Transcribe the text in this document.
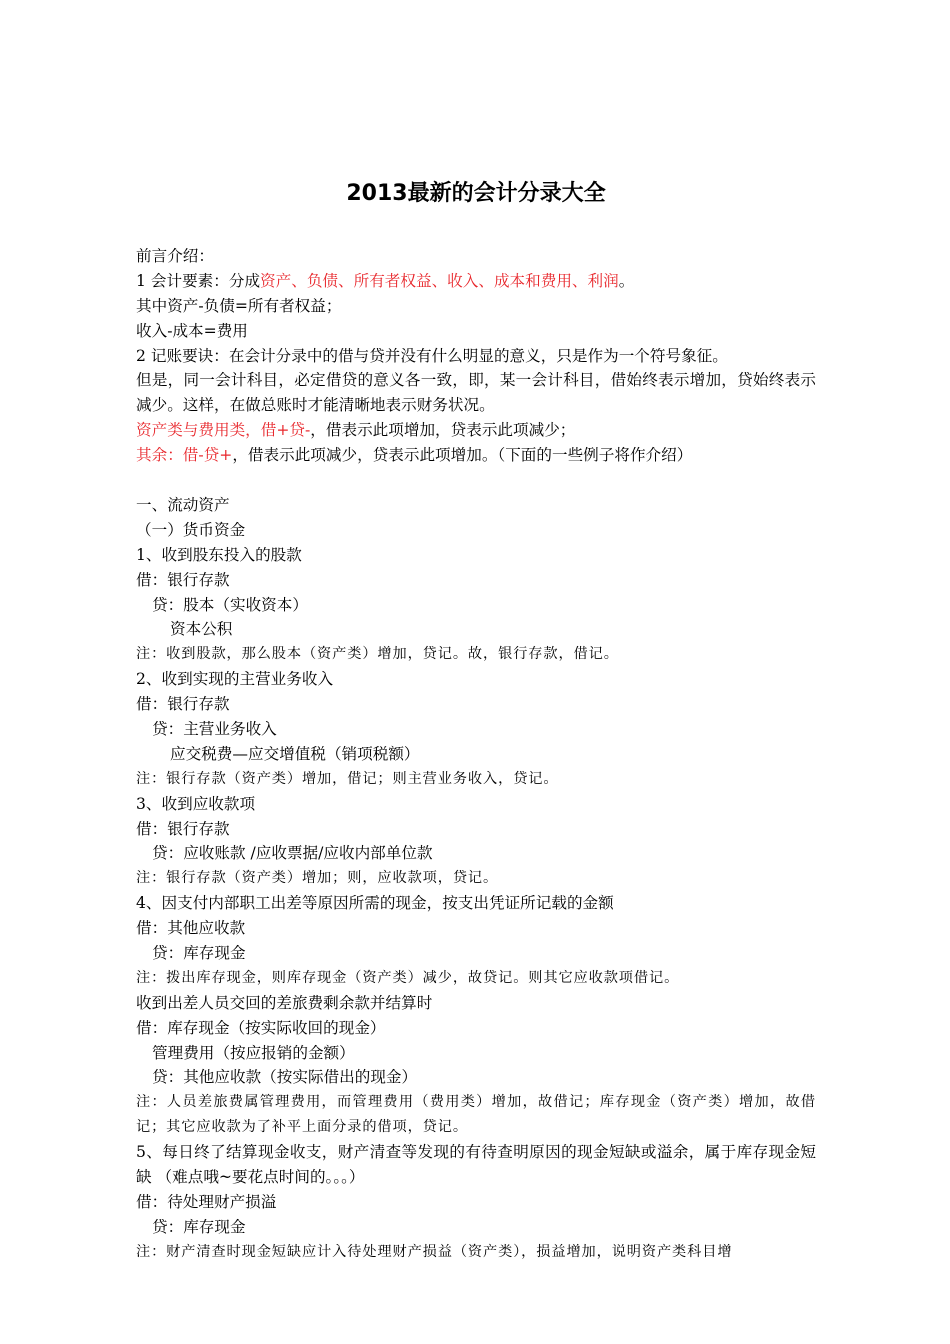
2013最新的会计分录大全
前言介绍：
1 会计要素：分成资产、负债、所有者权益、收入、成本和费用、利润。
其中资产-负债=所有者权益；
收入-成本=费用
2 记账要诀：在会计分录中的借与贷并没有什么明显的意义，只是作为一个符号象征。
但是，同一会计科目，必定借贷的意义各一致，即，某一会计科目，借始终表示增加，贷始终表示减少。这样，在做总账时才能清晰地表示财务状况。
资产类与费用类，借+贷-，借表示此项增加，贷表示此项减少；
其余：借-贷+，借表示此项减少，贷表示此项增加。（下面的一些例子将作介绍）
一、流动资产
（一）货币资金
1、收到股东投入的股款
借：银行存款
贷：股本（实收资本）
资本公积
注：收到股款，那么股本（资产类）增加，贷记。故，银行存款，借记。
2、收到实现的主营业务收入
借：银行存款
贷：主营业务收入
应交税费—应交增值税（销项税额）
注：银行存款（资产类）增加，借记；则主营业务收入，贷记。
3、收到应收款项
借：银行存款
贷：应收账款 /应收票据/应收内部单位款
注：银行存款（资产类）增加；则，应收款项，贷记。
4、因支付内部职工出差等原因所需的现金，按支出凭证所记载的金额
借：其他应收款
贷：库存现金
注：拨出库存现金，则库存现金（资产类）减少，故贷记。则其它应收款项借记。
收到出差人员交回的差旅费剩余款并结算时
借：库存现金（按实际收回的现金）
管理费用（按应报销的金额）
贷：其他应收款（按实际借出的现金）
注：人员差旅费属管理费用，而管理费用（费用类）增加，故借记；库存现金（资产类）增加，故借记；其它应收款为了补平上面分录的借项，贷记。
5、每日终了结算现金收支，财产清查等发现的有待查明原因的现金短缺或溢余，属于库存现金短缺 （难点哦~要花点时间的。。。）
借：待处理财产损溢
贷：库存现金
注：财产清查时现金短缺应计入待处理财产损益（资产类），损益增加，说明资产类科目增
